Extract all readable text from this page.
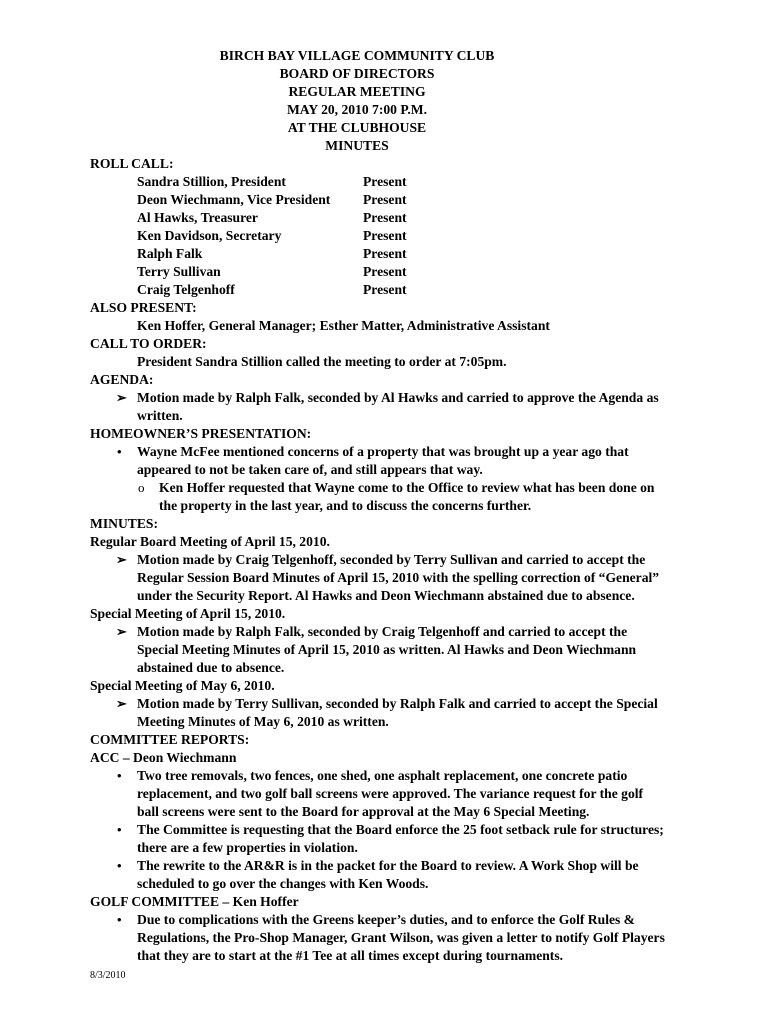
BIRCH BAY VILLAGE COMMUNITY CLUB
BOARD OF DIRECTORS
REGULAR MEETING
MAY 20, 2010 7:00 P.M.
AT THE CLUBHOUSE
MINUTES
ROLL CALL:
Sandra Stillion, President	Present
Deon Wiechmann, Vice President Present
Al Hawks, Treasurer	Present
Ken Davidson, Secretary	Present
Ralph Falk	Present
Terry Sullivan	Present
Craig Telgenhoff	Present
ALSO PRESENT:
Ken Hoffer, General Manager; Esther Matter, Administrative Assistant
CALL TO ORDER:
President Sandra Stillion called the meeting to order at 7:05pm.
AGENDA:
➢ Motion made by Ralph Falk, seconded by Al Hawks and carried to approve the Agenda as
written.
HOMEOWNER’S PRESENTATION:
• Wayne McFee mentioned concerns of a property that was brought up a year ago that
appeared to not be taken care of, and still appears that way.
o Ken Hoffer requested that Wayne come to the Office to review what has been done on
the property in the last year, and to discuss the concerns further.
MINUTES:
Regular Board Meeting of April 15, 2010.
➢ Motion made by Craig Telgenhoff, seconded by Terry Sullivan and carried to accept the
Regular Session Board Minutes of April 15, 2010 with the spelling correction of “General”
under the Security Report. Al Hawks and Deon Wiechmann abstained due to absence.
Special Meeting of April 15, 2010.
➢ Motion made by Ralph Falk, seconded by Craig Telgenhoff and carried to accept the
Special Meeting Minutes of April 15, 2010 as written. Al Hawks and Deon Wiechmann
abstained due to absence.
Special Meeting of May 6, 2010.
➢ Motion made by Terry Sullivan, seconded by Ralph Falk and carried to accept the Special
Meeting Minutes of May 6, 2010 as written.
COMMITTEE REPORTS:
ACC – Deon Wiechmann
• Two tree removals, two fences, one shed, one asphalt replacement, one concrete patio
replacement, and two golf ball screens were approved. The variance request for the golf
ball screens were sent to the Board for approval at the May 6 Special Meeting.
• The Committee is requesting that the Board enforce the 25 foot setback rule for structures;
there are a few properties in violation.
• The rewrite to the AR&R is in the packet for the Board to review. A Work Shop will be
scheduled to go over the changes with Ken Woods.
GOLF COMMITTEE – Ken Hoffer
• Due to complications with the Greens keeper’s duties, and to enforce the Golf Rules &
Regulations, the Pro-Shop Manager, Grant Wilson, was given a letter to notify Golf Players
that they are to start at the #1 Tee at all times except during tournaments.
8/3/2010
